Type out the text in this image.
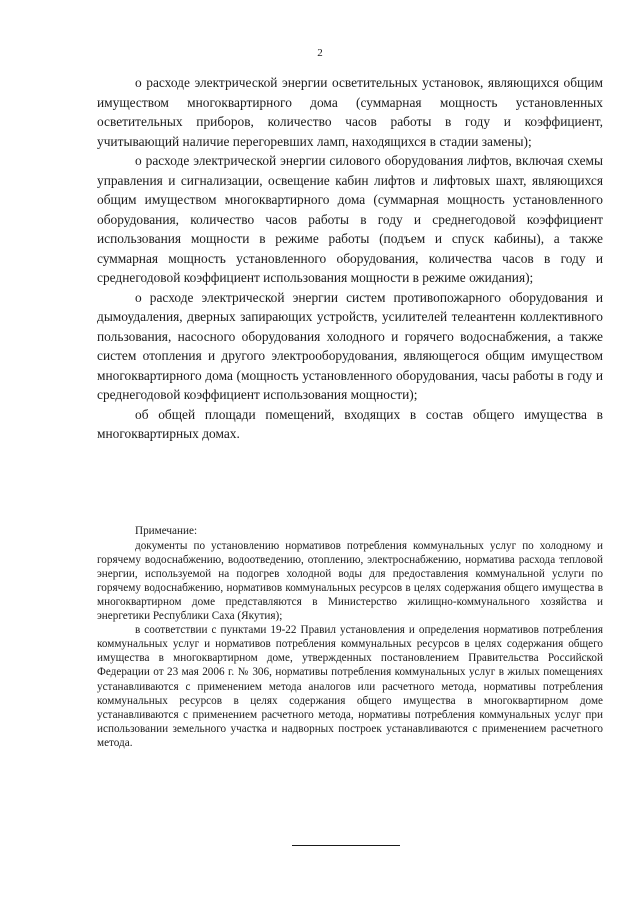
2

о расходе электрической энергии осветительных установок, являющихся общим имуществом многоквартирного дома (суммарная мощность установленных осветительных приборов, количество часов работы в году и коэффициент, учитывающий наличие перегоревших ламп, находящихся в стадии замены);

о расходе электрической энергии силового оборудования лифтов, включая схемы управления и сигнализации, освещение кабин лифтов и лифтовых шахт, являющихся общим имуществом многоквартирного дома (суммарная мощность установленного оборудования, количество часов работы в году и среднегодовой коэффициент использования мощности в режиме работы (подъем и спуск кабины), а также суммарная мощность установленного оборудования, количества часов в году и среднегодовой коэффициент использования мощности в режиме ожидания);

о расходе электрической энергии систем противопожарного оборудования и дымоудаления, дверных запирающих устройств, усилителей телеантенн коллективного пользования, насосного оборудования холодного и горячего водоснабжения, а также систем отопления и другого электрооборудования, являющегося общим имуществом многоквартирного дома (мощность установленного оборудования, часы работы в году и среднегодовой коэффициент использования мощности);

об общей площади помещений, входящих в состав общего имущества в многоквартирных домах.

Примечание:

документы по установлению нормативов потребления коммунальных услуг по холодному и горячему водоснабжению, водоотведению, отоплению, электроснабжению, норматива расхода тепловой энергии, используемой на подогрев холодной воды для предоставления коммунальной услуги по горячему водоснабжению, нормативов коммунальных ресурсов в целях содержания общего имущества в многоквартирном доме представляются в Министерство жилищно-коммунального хозяйства и энергетики Республики Саха (Якутия);

в соответствии с пунктами 19-22 Правил установления и определения нормативов потребления коммунальных услуг и нормативов потребления коммунальных ресурсов в целях содержания общего имущества в многоквартирном доме, утвержденных постановлением Правительства Российской Федерации от 23 мая 2006 г. № 306, нормативы потребления коммунальных услуг в жилых помещениях устанавливаются с применением метода аналогов или расчетного метода, нормативы потребления коммунальных ресурсов в целях содержания общего имущества в многоквартирном доме устанавливаются с применением расчетного метода, нормативы потребления коммунальных услуг при использовании земельного участка и надворных построек устанавливаются с применением расчетного метода.
